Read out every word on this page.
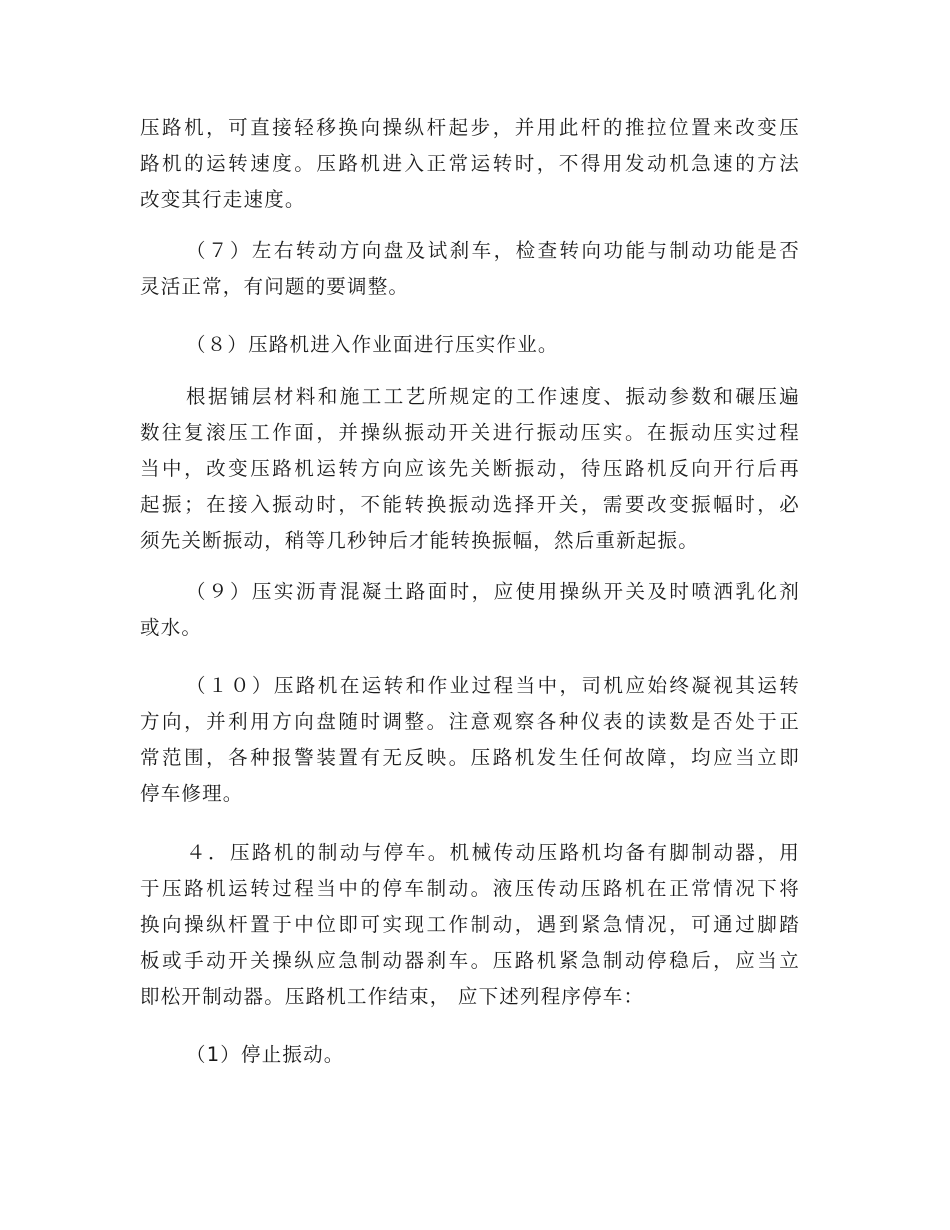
压路机，可直接轻移换向操纵杆起步，并用此杆的推拉位置来改变压
路机的运转速度。压路机进入正常运转时，不得用发动机急速的方法
改变其行走速度。
（７）左右转动方向盘及试刹车，检查转向功能与制动功能是否
灵活正常，有问题的要调整。
（８）压路机进入作业面进行压实作业。
根据铺层材料和施工工艺所规定的工作速度、振动参数和碾压遍
数往复滚压工作面，并操纵振动开关进行振动压实。在振动压实过程
当中，改变压路机运转方向应该先关断振动，待压路机反向开行后再
起振；在接入振动时，不能转换振动选择开关，需要改变振幅时，必
须先关断振动，稍等几秒钟后才能转换振幅，然后重新起振。
（９）压实沥青混凝土路面时，应使用操纵开关及时喷洒乳化剂
或水。
（１０）压路机在运转和作业过程当中，司机应始终凝视其运转
方向，并利用方向盘随时调整。注意观察各种仪表的读数是否处于正
常范围，各种报警装置有无反映。压路机发生任何故障，均应当立即
停车修理。
４．压路机的制动与停车。机械传动压路机均备有脚制动器，用
于压路机运转过程当中的停车制动。液压传动压路机在正常情况下将
换向操纵杆置于中位即可实现工作制动，遇到紧急情况，可通过脚踏
板或手动开关操纵应急制动器刹车。压路机紧急制动停稳后，应当立
即松开制动器。压路机工作结束， 应下述列程序停车：
（1）停止振动。
